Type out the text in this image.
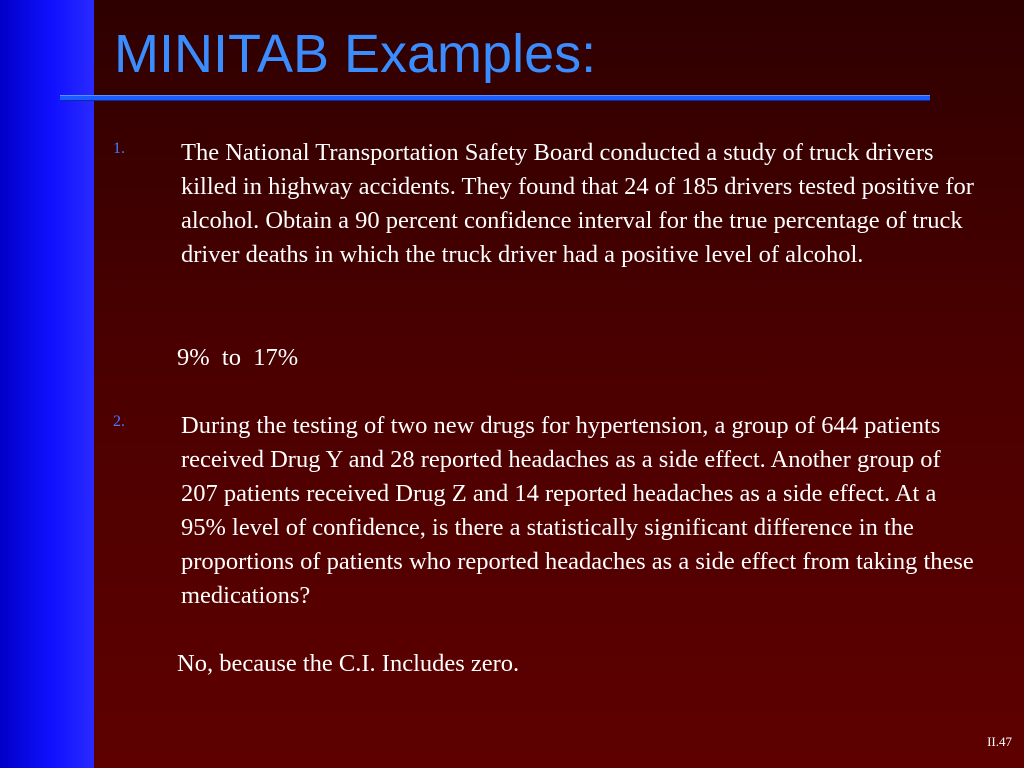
MINITAB Examples:
1. The National Transportation Safety Board conducted a study of truck drivers killed in highway accidents. They found that 24 of 185 drivers tested positive for alcohol. Obtain a 90 percent confidence interval for the true percentage of truck driver deaths in which the truck driver had a positive level of alcohol.

9%  to  17%

2. During the testing of two new drugs for hypertension, a group of 644 patients received Drug Y and 28 reported headaches as a side effect. Another group of 207 patients received Drug Z and 14 reported headaches as a side effect. At a 95% level of confidence, is there a statistically significant difference in the proportions of patients who reported headaches as a side effect from taking these medications?

No, because the C.I. Includes zero.

II.47
